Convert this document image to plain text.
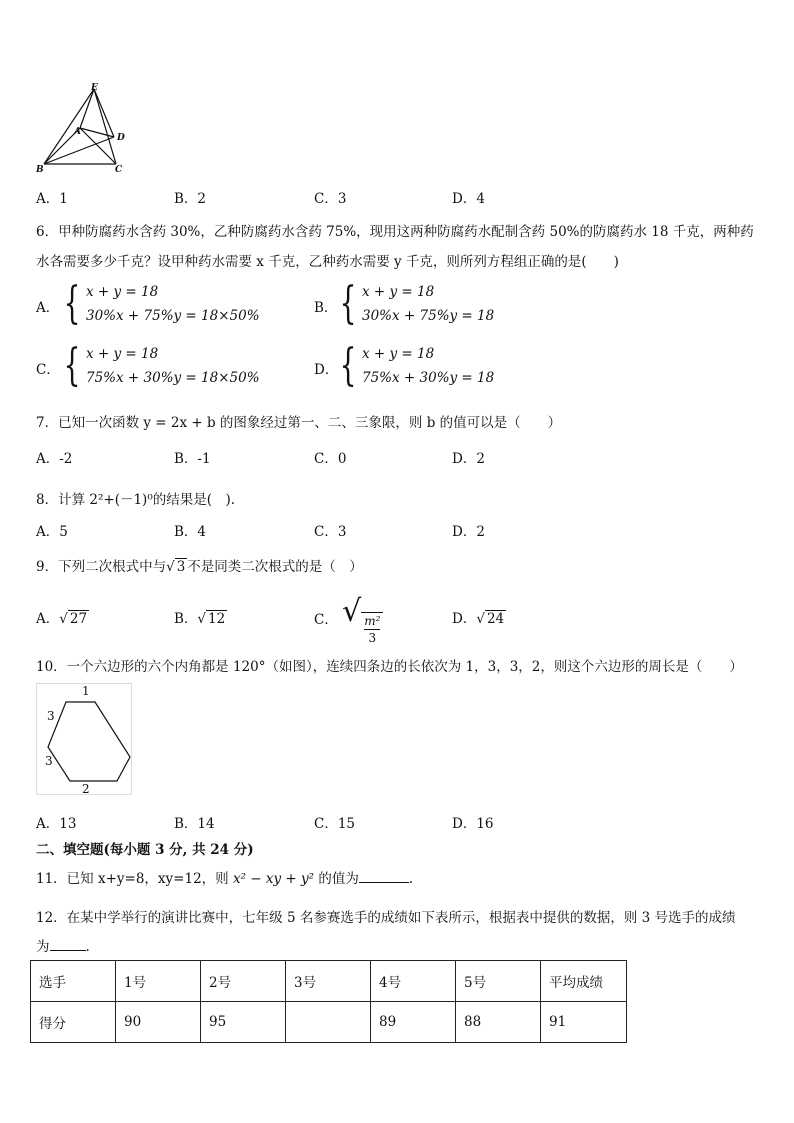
E
A
D
B	C
A．1	B．2	C．3	D．4
6．甲种防腐药水含药 30%，乙种防腐药水含药 75%，现用这两种防腐药水配制含药 50%的防腐药水 18 千克，两种药
水各需要多少千克？设甲种药水需要 x 千克，乙种药水需要 y 千克，则所列方程组正确的是(　　)
A． { x + y = 18
30%x + 75%y = 18×50%	B． { x + y = 18
30%x + 75%y = 18
C． { x + y = 18
75%x + 30%y = 18×50%	D． { x + y = 18
75%x + 30%y = 18
7．已知一次函数 y = 2x + b 的图象经过第一、二、三象限，则 b 的值可以是（　　）
A．-2	B．-1	C．0	D．2
8．计算 2²+(－1)⁰的结果是(　).
A．5	B．4	C．3	D．2
9．下列二次根式中与√ 3 不是同类二次根式的是（　）
A．√ 27	B．√ 12	C． √ $\frac{\text{m²}}{3}$	D．√ 24
10．一个六边形的六个内角都是 120°（如图），连续四条边的长依次为 1，3，3，2，则这个六边形的周长是（　　）
1
3
3
2
A．13	B．14	C．15	D．16
二、填空题(每小题 3 分, 共 24 分)
11．已知 x+y=8，xy=12，则 x² − xy + y² 的值为	.
12．在某中学举行的演讲比赛中，七年级 5 名参赛选手的成绩如下表所示，根据表中提供的数据，则 3 号选手的成绩
为	.
选手	1号	2号	3号	4号	5号	平均成绩
得分	90	95		89	88	91
